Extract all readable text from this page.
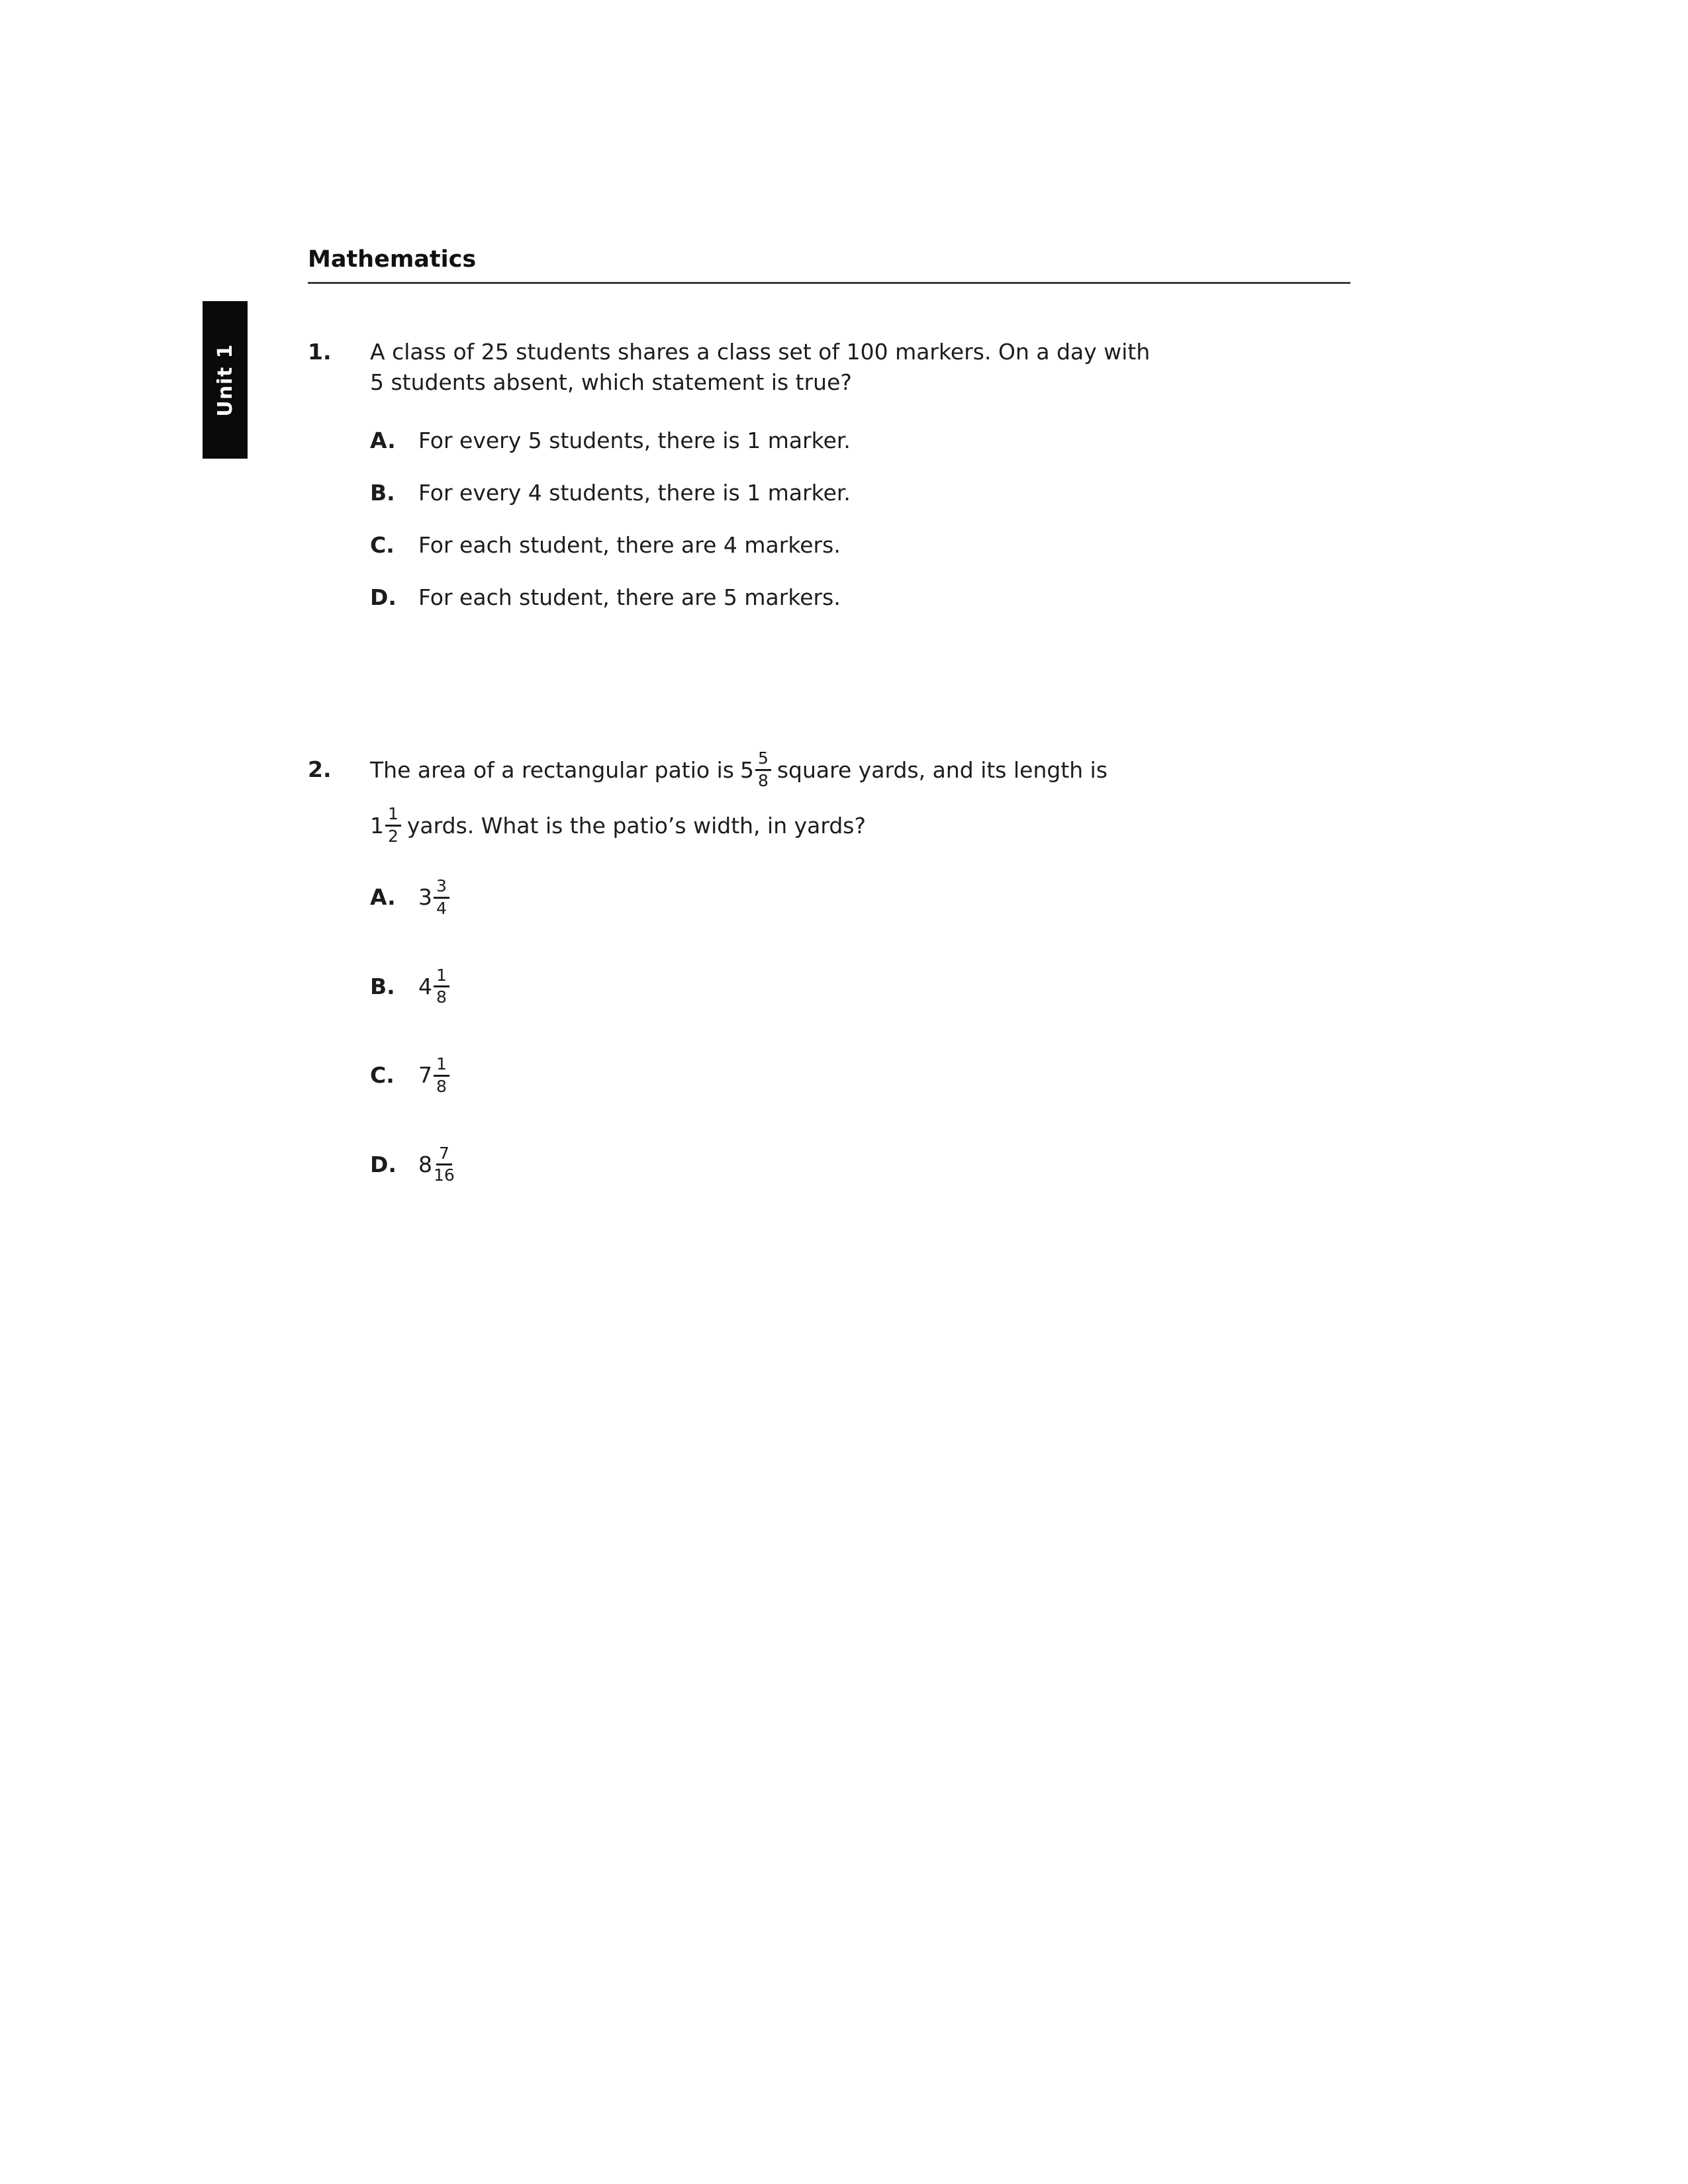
Unit 1
Mathematics
1.	A class of 25 students shares a class set of 100 markers. On a day with
5 students absent, which statement is true?
A.	For every 5 students, there is 1 marker.
B.	For every 4 students, there is 1 marker.
C.	For each student, there are 4 markers.
D.	For each student, there are 5 markers.
2.	The area of a rectangular patio is $5 \frac{5}{8}$ square yards, and its length is
$1 \frac{1}{2}$ yards. What is the patio’s width, in yards?
A.	$3 \frac{3}{4}$
B.	$4 \frac{1}{8}$
C.	$7 \frac{1}{8}$
D.	$8 \frac{7}{16}$
